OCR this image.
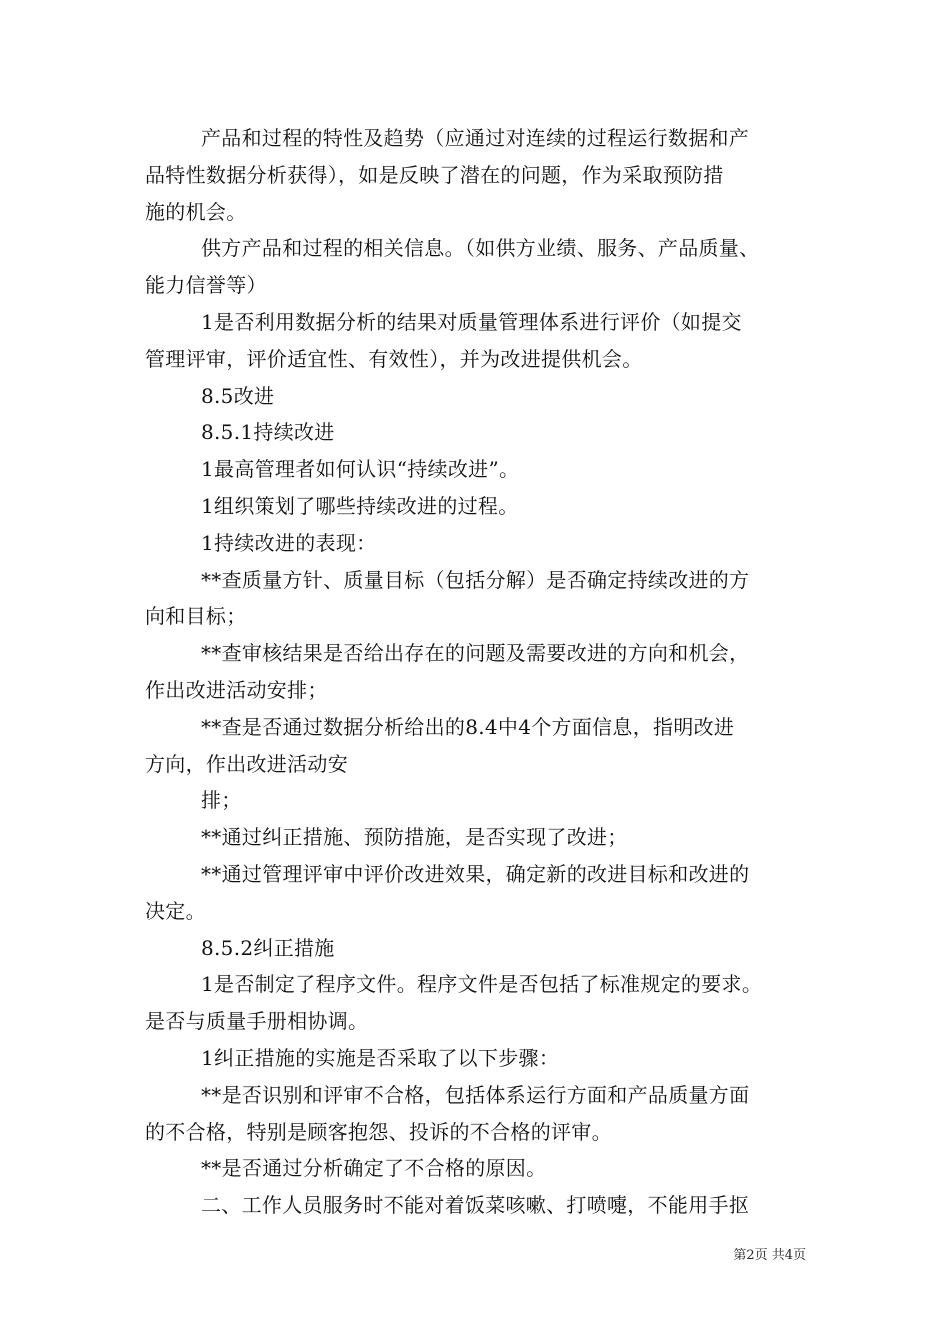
产品和过程的特性及趋势（应通过对连续的过程运行数据和产
品特性数据分析获得），如是反映了潜在的问题，作为采取预防措
施的机会。
供方产品和过程的相关信息。（如供方业绩、服务、产品质量、
能力信誉等）
1是否利用数据分析的结果对质量管理体系进行评价（如提交
管理评审，评价适宜性、有效性），并为改进提供机会。
8.5改进
8.5.1持续改进
1最高管理者如何认识“持续改进”。
1组织策划了哪些持续改进的过程。
1持续改进的表现：
**查质量方针、质量目标（包括分解）是否确定持续改进的方
向和目标；
**查审核结果是否给出存在的问题及需要改进的方向和机会，
作出改进活动安排；
**查是否通过数据分析给出的8.4中4个方面信息，指明改进
方向，作出改进活动安
排；
**通过纠正措施、预防措施，是否实现了改进；
**通过管理评审中评价改进效果，确定新的改进目标和改进的
决定。
8.5.2纠正措施
1是否制定了程序文件。程序文件是否包括了标准规定的要求。
是否与质量手册相协调。
1纠正措施的实施是否采取了以下步骤：
**是否识别和评审不合格，包括体系运行方面和产品质量方面
的不合格，特别是顾客抱怨、投诉的不合格的评审。
**是否通过分析确定了不合格的原因。
二、工作人员服务时不能对着饭菜咳嗽、打喷嚏，不能用手抠
第2页 共4页
